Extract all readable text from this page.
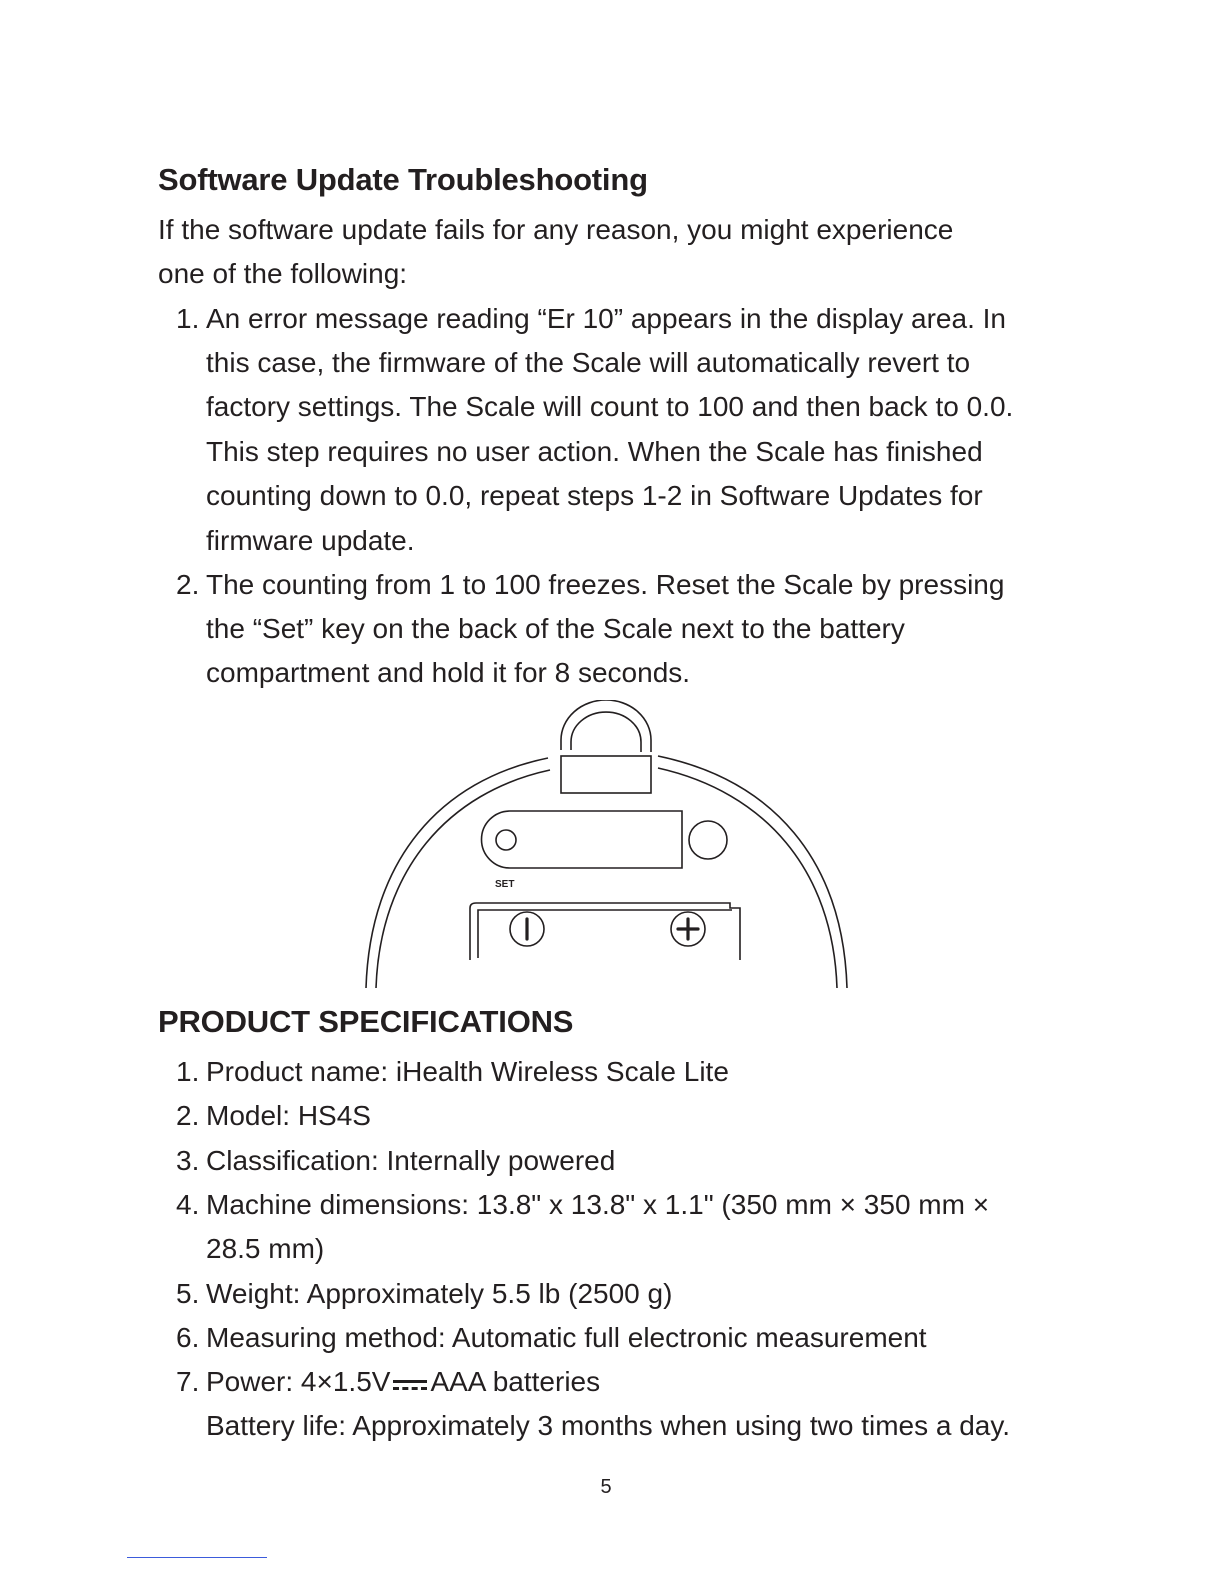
Software Update Troubleshooting

If the software update fails for any reason, you might experience

one of the following:

1. An error message reading “Er 10” appears in the display area. In
this case, the firmware of the Scale will automatically revert to
factory settings. The Scale will count to 100 and then back to 0.0.
This step requires no user action. When the Scale has finished
counting down to 0.0, repeat steps 1-2 in Software Updates for
firmware update.
2. The counting from 1 to 100 freezes. Reset the Scale by pressing
the “Set” key on the back of the Scale next to the battery
compartment and hold it for 8 seconds.
SET
PRODUCT SPECIFICATIONS
1. Product name: iHealth Wireless Scale Lite
2. Model: HS4S
3. Classification: Internally powered
4. Machine dimensions: 13.8" x 13.8" x 1.1" (350 mm × 350 mm ×
28.5 mm)
5. Weight: Approximately 5.5 lb (2500 g)
6. Measuring method: Automatic full electronic measurement
7. Power: 4×1.5V AAA batteries
Battery life: Approximately 3 months when using two times a day.
5
